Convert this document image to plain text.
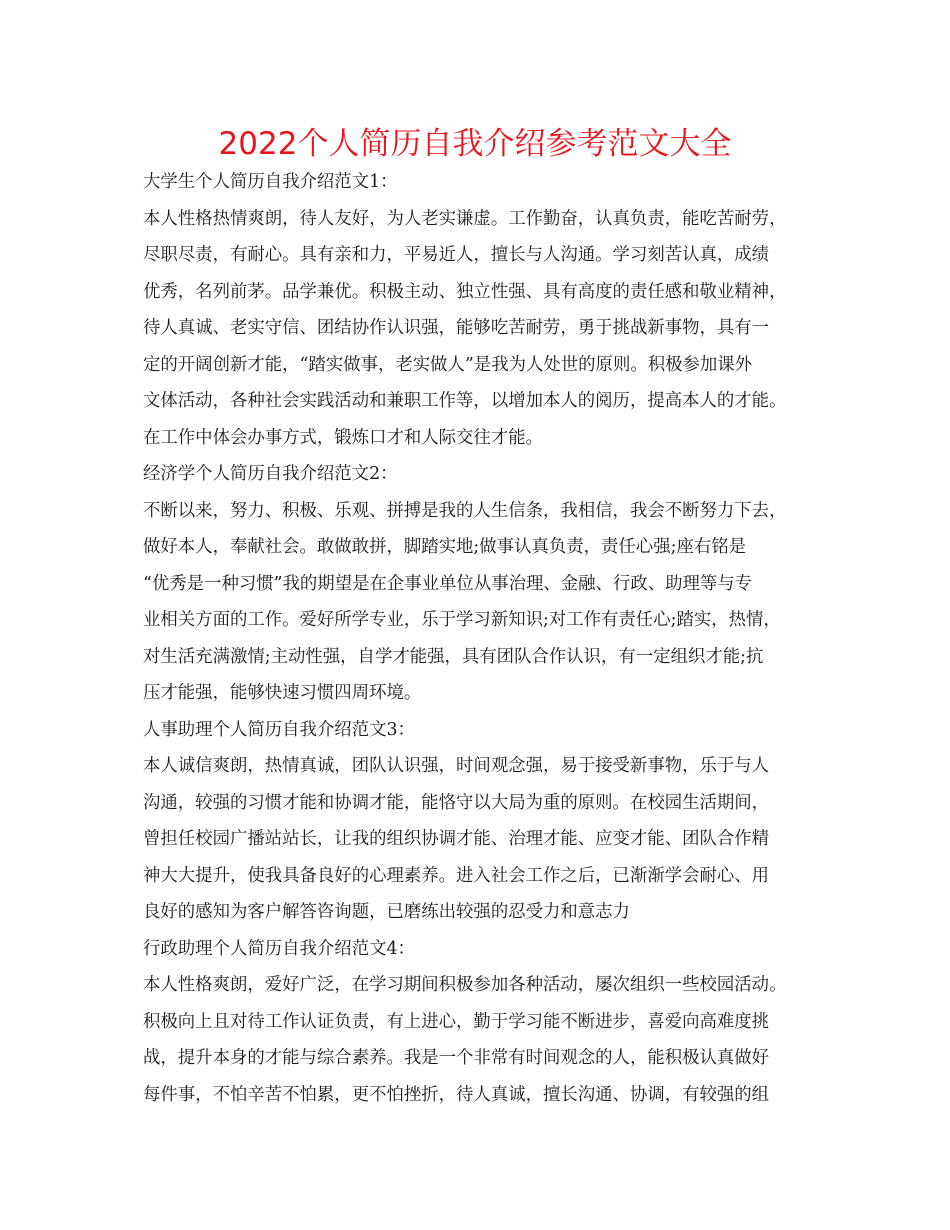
2022个人简历自我介绍参考范文大全
大学生个人简历自我介绍范文1：
本人性格热情爽朗，待人友好，为人老实谦虚。工作勤奋，认真负责，能吃苦耐劳，
尽职尽责，有耐心。具有亲和力，平易近人，擅长与人沟通。学习刻苦认真，成绩
优秀，名列前茅。品学兼优。积极主动、独立性强、具有高度的责任感和敬业精神，
待人真诚、老实守信、团结协作认识强，能够吃苦耐劳，勇于挑战新事物，具有一
定的开阔创新才能，“踏实做事，老实做人”是我为人处世的原则。积极参加课外
文体活动，各种社会实践活动和兼职工作等，以增加本人的阅历，提高本人的才能。
在工作中体会办事方式，锻炼口才和人际交往才能。
经济学个人简历自我介绍范文2：
不断以来，努力、积极、乐观、拼搏是我的人生信条，我相信，我会不断努力下去，
做好本人，奉献社会。敢做敢拼，脚踏实地;做事认真负责，责任心强;座右铭是
“优秀是一种习惯”我的期望是在企事业单位从事治理、金融、行政、助理等与专
业相关方面的工作。爱好所学专业，乐于学习新知识;对工作有责任心;踏实，热情，
对生活充满激情;主动性强，自学才能强，具有团队合作认识，有一定组织才能;抗
压才能强，能够快速习惯四周环境。
人事助理个人简历自我介绍范文3：
本人诚信爽朗，热情真诚，团队认识强，时间观念强，易于接受新事物，乐于与人
沟通，较强的习惯才能和协调才能，能恪守以大局为重的原则。在校园生活期间，
曾担任校园广播站站长，让我的组织协调才能、治理才能、应变才能、团队合作精
神大大提升，使我具备良好的心理素养。进入社会工作之后，已渐渐学会耐心、用
良好的感知为客户解答咨询题，已磨练出较强的忍受力和意志力
行政助理个人简历自我介绍范文4：
本人性格爽朗，爱好广泛，在学习期间积极参加各种活动，屡次组织一些校园活动。
积极向上且对待工作认证负责，有上进心，勤于学习能不断进步，喜爱向高难度挑
战，提升本身的才能与综合素养。我是一个非常有时间观念的人，能积极认真做好
每件事，不怕辛苦不怕累，更不怕挫折，待人真诚，擅长沟通、协调，有较强的组
